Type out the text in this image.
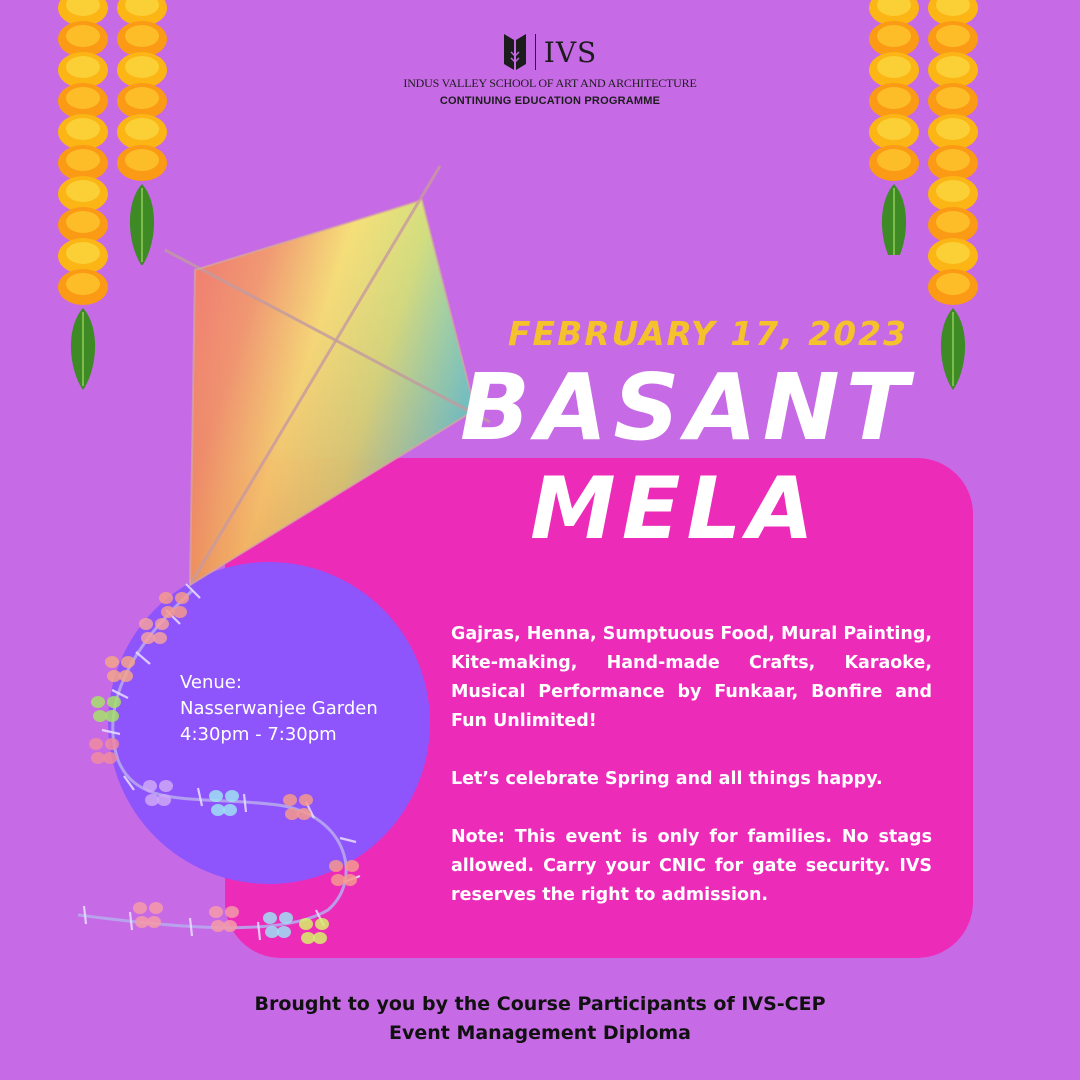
IVS
INDUS VALLEY SCHOOL OF ART AND ARCHITECTURE
CONTINUING EDUCATION PROGRAMME
FEBRUARY 17, 2023
BASANT
MELA
Venue:
Nasserwanjee Garden
4:30pm - 7:30pm

Gajras, Henna, Sumptuous Food, Mural Painting, Kite-making, Hand-made Crafts, Karaoke, Musical Performance by Funkaar, Bonfire and Fun Unlimited!

Let’s celebrate Spring and all things happy.

Note: This event is only for families. No stags allowed. Carry your CNIC for gate security. IVS reserves the right to admission.

Brought to you by the Course Participants of IVS-CEP
Event Management Diploma
